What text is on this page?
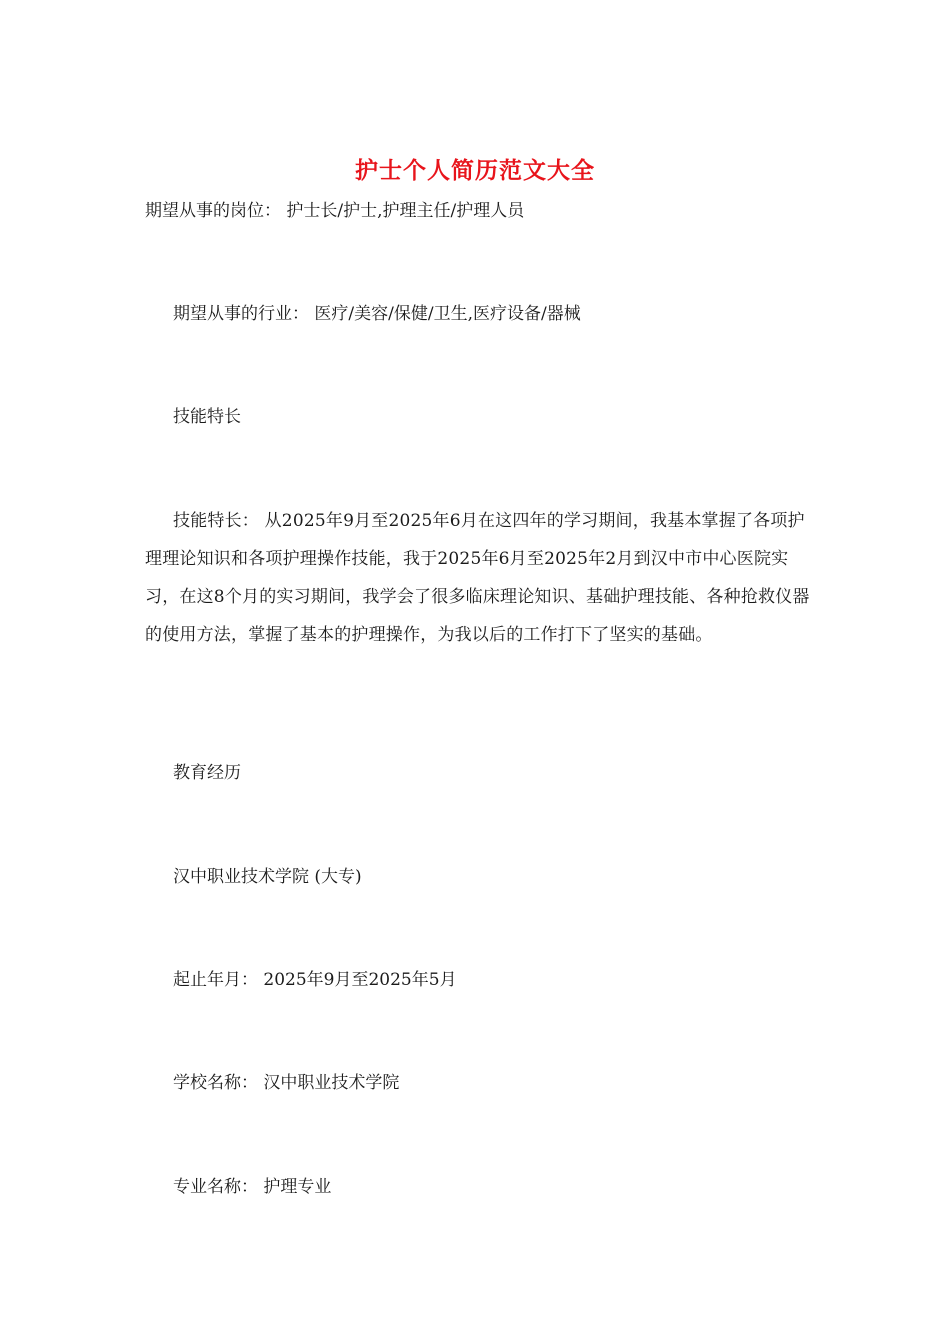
护士个人简历范文大全
期望从事的岗位： 护士长/护士,护理主任/护理人员
期望从事的行业： 医疗/美容/保健/卫生,医疗设备/器械
技能特长
技能特长： 从2025年9月至2025年6月在这四年的学习期间，我基本掌握了各项护理理论知识和各项护理操作技能，我于2025年6月至2025年2月到汉中市中心医院实习，在这8个月的实习期间，我学会了很多临床理论知识、基础护理技能、各种抢救仪器的使用方法，掌握了基本的护理操作，为我以后的工作打下了坚实的基础。
教育经历
汉中职业技术学院 (大专)
起止年月： 2025年9月至2025年5月
学校名称： 汉中职业技术学院
专业名称： 护理专业
